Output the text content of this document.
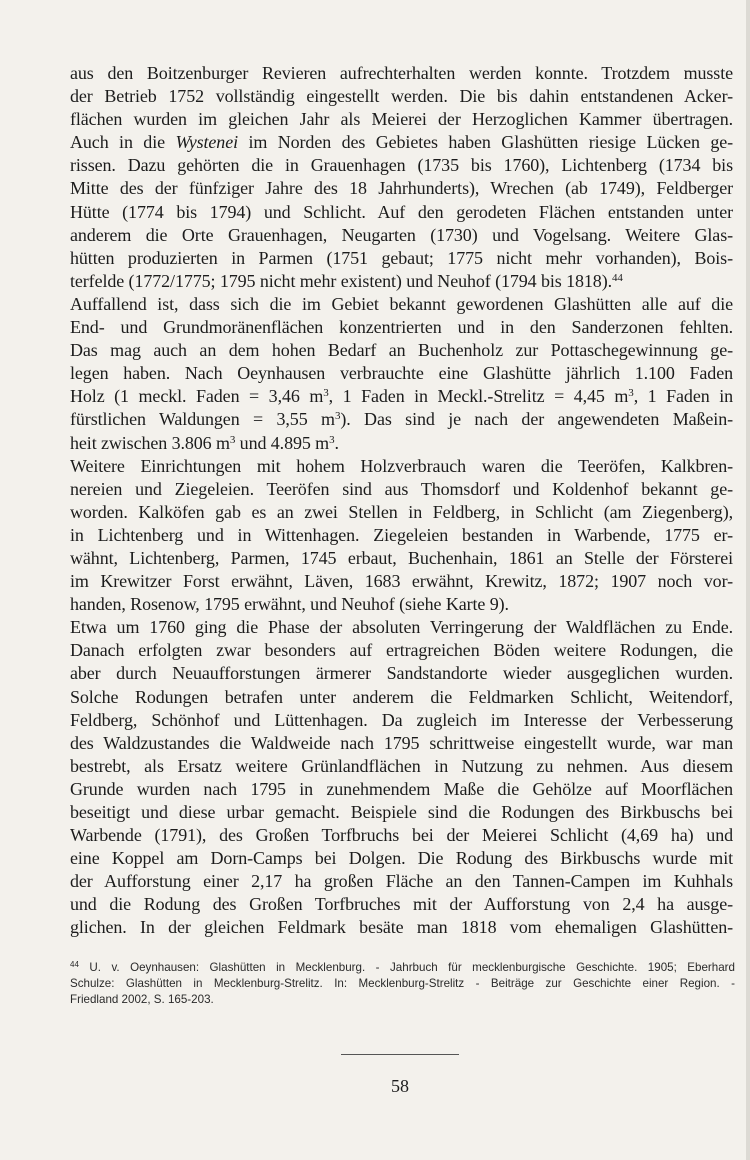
aus den Boitzenburger Revieren aufrechterhalten werden konnte. Trotzdem musste
der Betrieb 1752 vollständig eingestellt werden. Die bis dahin entstandenen Acker-
flächen wurden im gleichen Jahr als Meierei der Herzoglichen Kammer übertragen.
Auch in die Wystenei im Norden des Gebietes haben Glashütten riesige Lücken ge-
rissen. Dazu gehörten die in Grauenhagen (1735 bis 1760), Lichtenberg (1734 bis
Mitte des der fünfziger Jahre des 18 Jahrhunderts), Wrechen (ab 1749), Feldberger
Hütte (1774 bis 1794) und Schlicht. Auf den gerodeten Flächen entstanden unter
anderem die Orte Grauenhagen, Neugarten (1730) und Vogelsang. Weitere Glas-
hütten produzierten in Parmen (1751 gebaut; 1775 nicht mehr vorhanden), Bois-
terfelde (1772/1775; 1795 nicht mehr existent) und Neuhof (1794 bis 1818).$^{44}$
Auffallend ist, dass sich die im Gebiet bekannt gewordenen Glashütten alle auf die
End- und Grundmoränenflächen konzentrierten und in den Sanderzonen fehlten.
Das mag auch an dem hohen Bedarf an Buchenholz zur Pottaschegewinnung ge-
legen haben. Nach Oeynhausen verbrauchte eine Glashütte jährlich 1.100 Faden
Holz (1 meckl. Faden = 3,46 $m^3$, 1 Faden in Meckl.-Strelitz = 4,45 $m^3$, 1 Faden in
fürstlichen Waldungen = 3,55 $m^3$). Das sind je nach der angewendeten Maßein-
heit zwischen 3.806 $m^3$ und 4.895 $m^3$.
Weitere Einrichtungen mit hohem Holzverbrauch waren die Teeröfen, Kalkbren-
nereien und Ziegeleien. Teeröfen sind aus Thomsdorf und Koldenhof bekannt ge-
worden. Kalköfen gab es an zwei Stellen in Feldberg, in Schlicht (am Ziegenberg),
in Lichtenberg und in Wittenhagen. Ziegeleien bestanden in Warbende, 1775 er-
wähnt, Lichtenberg, Parmen, 1745 erbaut, Buchenhain, 1861 an Stelle der Försterei
im Krewitzer Forst erwähnt, Läven, 1683 erwähnt, Krewitz, 1872; 1907 noch vor-
handen, Rosenow, 1795 erwähnt, und Neuhof (siehe Karte 9).
Etwa um 1760 ging die Phase der absoluten Verringerung der Waldflächen zu Ende.
Danach erfolgten zwar besonders auf ertragreichen Böden weitere Rodungen, die
aber durch Neuaufforstungen ärmerer Sandstandorte wieder ausgeglichen wurden.
Solche Rodungen betrafen unter anderem die Feldmarken Schlicht, Weitendorf,
Feldberg, Schönhof und Lüttenhagen. Da zugleich im Interesse der Verbesserung
des Waldzustandes die Waldweide nach 1795 schrittweise eingestellt wurde, war man
bestrebt, als Ersatz weitere Grünlandflächen in Nutzung zu nehmen. Aus diesem
Grunde wurden nach 1795 in zunehmendem Maße die Gehölze auf Moorflächen
beseitigt und diese urbar gemacht. Beispiele sind die Rodungen des Birkbuschs bei
Warbende (1791), des Großen Torfbruchs bei der Meierei Schlicht (4,69 ha) und
eine Koppel am Dorn-Camps bei Dolgen. Die Rodung des Birkbuschs wurde mit
der Aufforstung einer 2,17 ha großen Fläche an den Tannen-Campen im Kuhhals
und die Rodung des Großen Torfbruches mit der Aufforstung von 2,4 ha ausge-
glichen. In der gleichen Feldmark besäte man 1818 vom ehemaligen Glashütten-
$^{44}$ U. v. Oeynhausen: Glashütten in Mecklenburg. - Jahrbuch für mecklenburgische Geschichte. 1905; Eberhard
Schulze: Glashütten in Mecklenburg-Strelitz. In: Mecklenburg-Strelitz - Beiträge zur Geschichte einer Region. -
Friedland 2002, S. 165-203.
58
